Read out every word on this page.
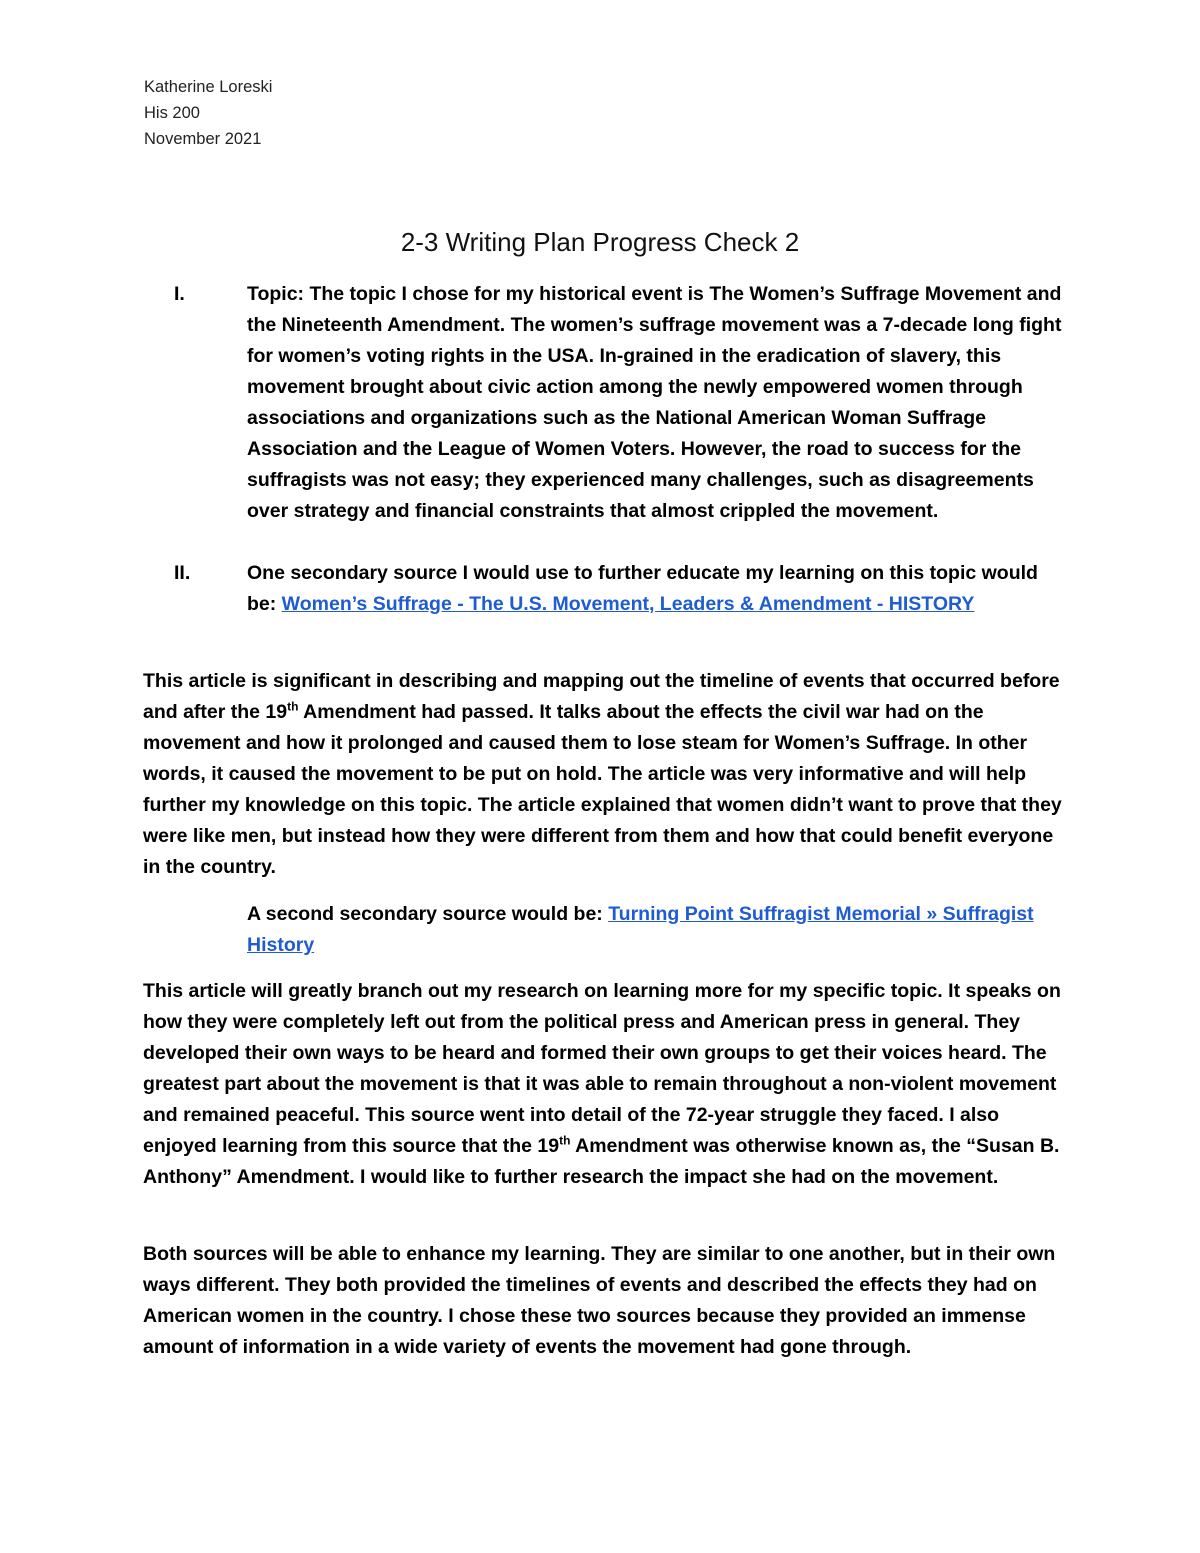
Katherine Loreski
His 200
November 2021
2-3 Writing Plan Progress Check 2
I.	Topic: The topic I chose for my historical event is The Women’s Suffrage Movement and the Nineteenth Amendment. The women’s suffrage movement was a 7-decade long fight for women’s voting rights in the USA. In-grained in the eradication of slavery, this movement brought about civic action among the newly empowered women through associations and organizations such as the National American Woman Suffrage Association and the League of Women Voters. However, the road to success for the suffragists was not easy; they experienced many challenges, such as disagreements over strategy and financial constraints that almost crippled the movement.
II.	One secondary source I would use to further educate my learning on this topic would be: Women’s Suffrage - The U.S. Movement, Leaders & Amendment - HISTORY
This article is significant in describing and mapping out the timeline of events that occurred before and after the 19th Amendment had passed. It talks about the effects the civil war had on the movement and how it prolonged and caused them to lose steam for Women’s Suffrage. In other words, it caused the movement to be put on hold. The article was very informative and will help further my knowledge on this topic. The article explained that women didn’t want to prove that they were like men, but instead how they were different from them and how that could benefit everyone in the country.
A second secondary source would be: Turning Point Suffragist Memorial » Suffragist History
This article will greatly branch out my research on learning more for my specific topic. It speaks on how they were completely left out from the political press and American press in general. They developed their own ways to be heard and formed their own groups to get their voices heard. The greatest part about the movement is that it was able to remain throughout a non-violent movement and remained peaceful. This source went into detail of the 72-year struggle they faced. I also enjoyed learning from this source that the 19th Amendment was otherwise known as, the “Susan B. Anthony” Amendment. I would like to further research the impact she had on the movement.
Both sources will be able to enhance my learning. They are similar to one another, but in their own ways different. They both provided the timelines of events and described the effects they had on American women in the country. I chose these two sources because they provided an immense amount of information in a wide variety of events the movement had gone through.
